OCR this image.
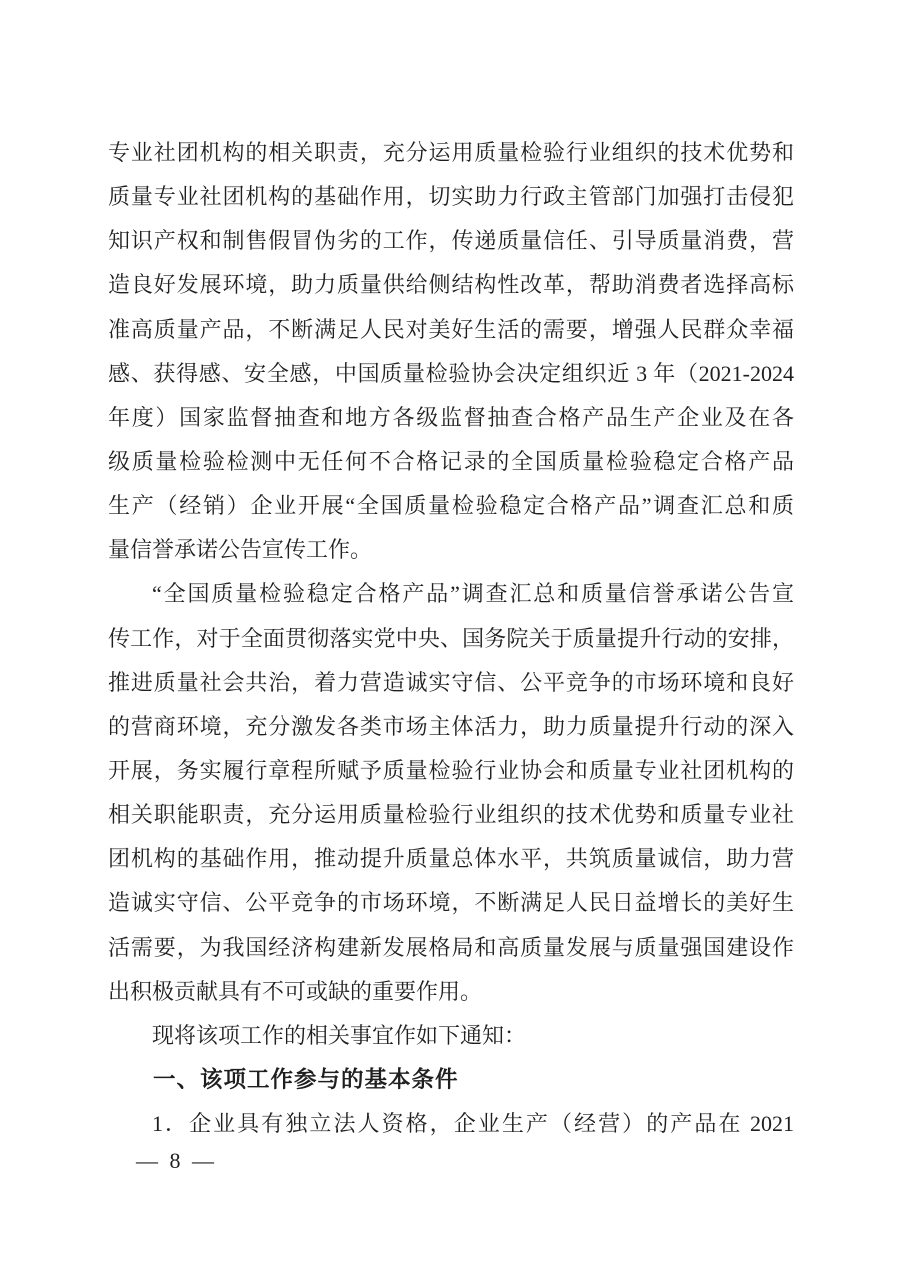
专业社团机构的相关职责，充分运用质量检验行业组织的技术优势和
质量专业社团机构的基础作用，切实助力行政主管部门加强打击侵犯
知识产权和制售假冒伪劣的工作，传递质量信任、引导质量消费，营
造良好发展环境，助力质量供给侧结构性改革，帮助消费者选择高标
准高质量产品，不断满足人民对美好生活的需要，增强人民群众幸福
感、获得感、安全感，中国质量检验协会决定组织近 3 年（2021-2024
年度）国家监督抽查和地方各级监督抽查合格产品生产企业及在各
级质量检验检测中无任何不合格记录的全国质量检验稳定合格产品
生产（经销）企业开展“全国质量检验稳定合格产品”调查汇总和质
量信誉承诺公告宣传工作。
“全国质量检验稳定合格产品”调查汇总和质量信誉承诺公告宣
传工作，对于全面贯彻落实党中央、国务院关于质量提升行动的安排，
推进质量社会共治，着力营造诚实守信、公平竞争的市场环境和良好
的营商环境，充分激发各类市场主体活力，助力质量提升行动的深入
开展，务实履行章程所赋予质量检验行业协会和质量专业社团机构的
相关职能职责，充分运用质量检验行业组织的技术优势和质量专业社
团机构的基础作用，推动提升质量总体水平，共筑质量诚信，助力营
造诚实守信、公平竞争的市场环境，不断满足人民日益增长的美好生
活需要，为我国经济构建新发展格局和高质量发展与质量强国建设作
出积极贡献具有不可或缺的重要作用。
现将该项工作的相关事宜作如下通知：
一、该项工作参与的基本条件
1．企业具有独立法人资格，企业生产（经营）的产品在 2021
— 8 —
